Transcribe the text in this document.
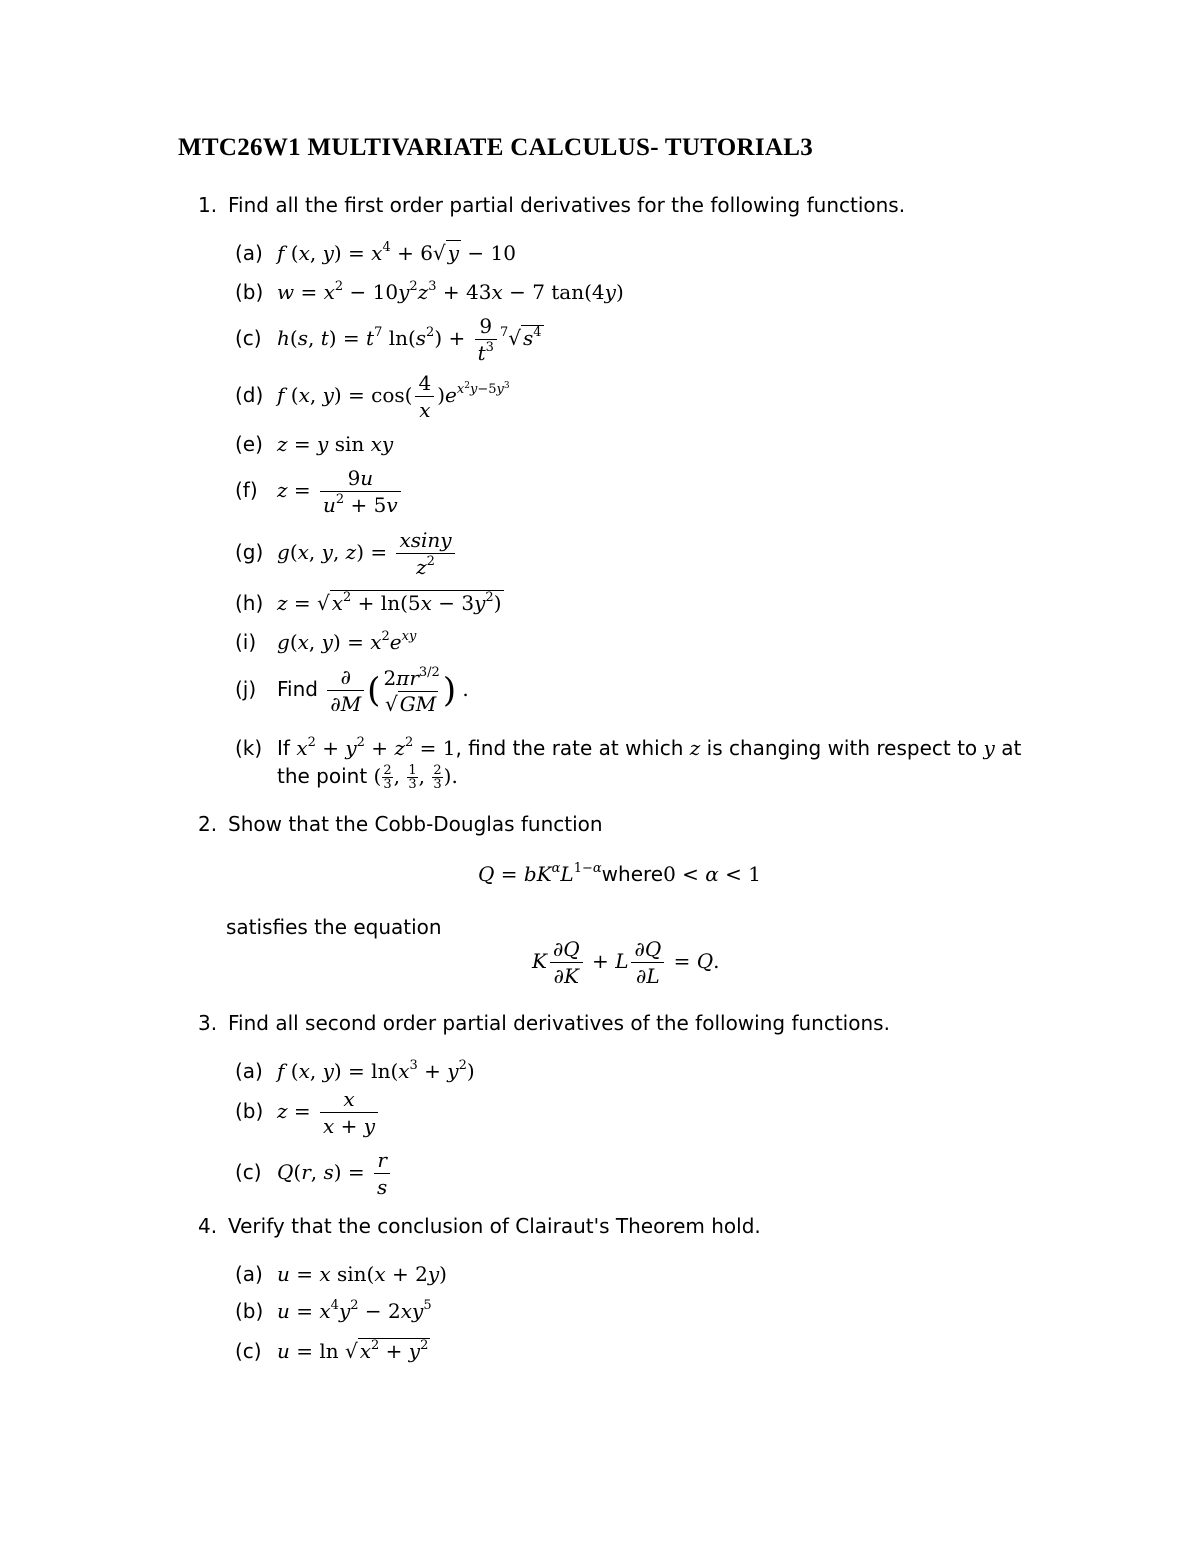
MTC26W1 MULTIVARIATE CALCULUS- TUTORIAL3
1. Find all the first order partial derivatives for the following functions.
(a) f (x, $y) = x^4 + 6√$ y − 10
(b) $w = x^2 - 10y^2z^3 + 43x - 7$ tan(4y)
(c) h(s, $t) = t^7$ $\ln(s^2) + \frac{9}{t^3} ^7√$ $s^4$
(d) f (x, $y) = \cos( \frac{4}{x} )e^{x^2y-5y^3}$
(e) z = y sin xy
(f) $z = \frac{9u}{u^2 + 5v}$
(g) g(x, y, $z) = \frac{xsiny}{z^2}$
(h) z = √ $x^2 + \ln(5x - 3y^2)$
(i) g(x, $y) = x^2e^{xy}$
(j) Find $\frac{\partial}{\partial M}$ ( $2\pi r^{3/2}$
√ GM ) .
(k) If $x^2 + y^2 + z^2 = 1$, find the rate at which z is changing with respect to y at
the point ( $\frac{2}{3}$ , $\frac{1}{3}$ , $\frac{2}{3}$ ).
2. Show that the Cobb-Douglas function
$Q = bK^\alpha L^{1-\alpha}where0 < \alpha < 1$
satisfies the equation
K $\frac{\partial Q}{\partial K} + L \frac{\partial Q}{\partial L} = Q$.
3. Find all second order partial derivatives of the following functions.
(a) f (x, $y) = \ln(x^3 + y^2)$
(b) $z = \frac{x}{x + y}$
(c) Q(r, $s) = \frac{r}{s}$
4. Verify that the conclusion of Clairaut's Theorem hold.
(a) u = x sin(x + 2y)
(b) $u = x^4y^2 - 2xy^5$
(c) u = ln √ $x^2 + y^2$
